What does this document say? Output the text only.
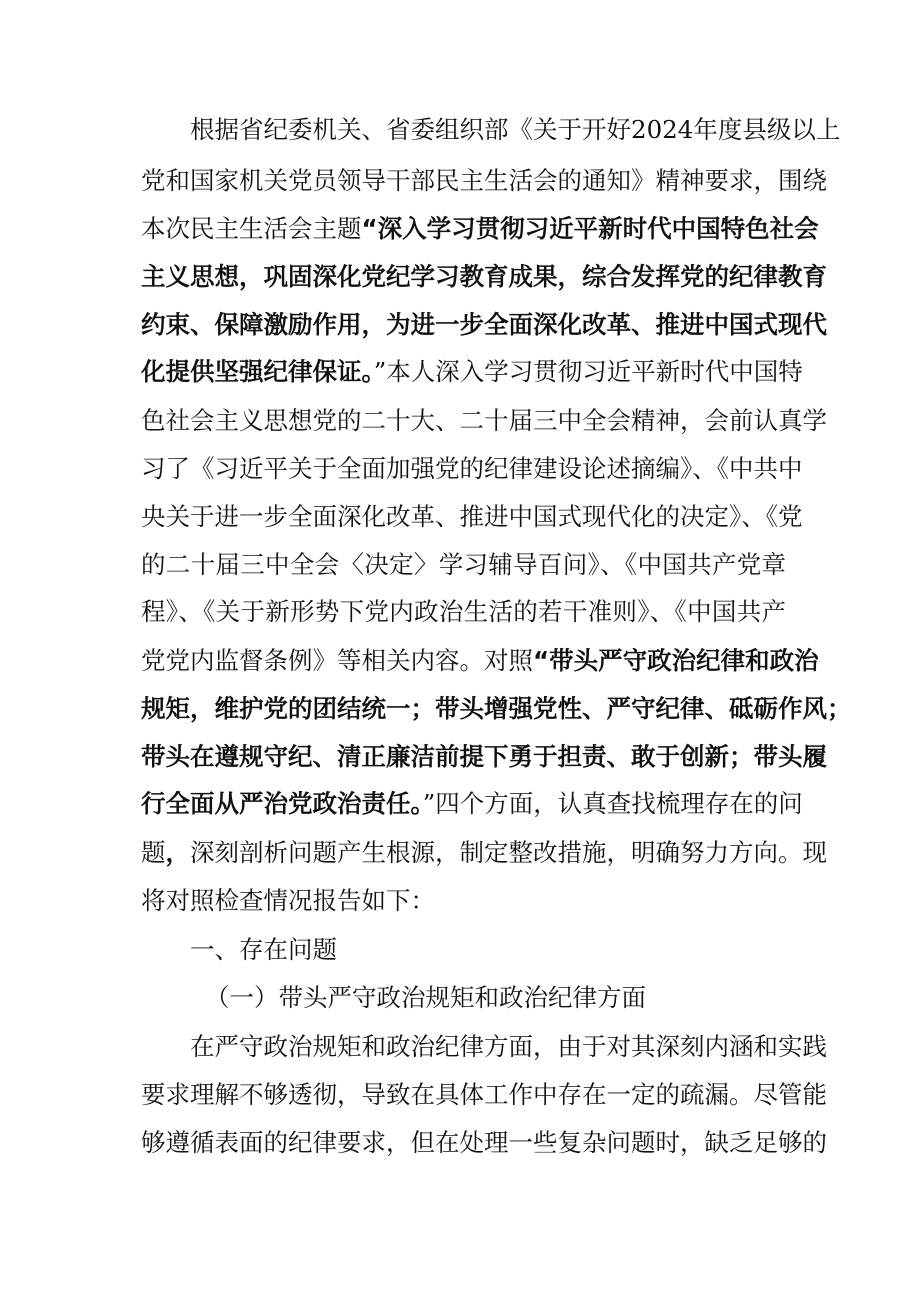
根据省纪委机关、省委组织部《关于开好2024年度县级以上
党和国家机关党员领导干部民主生活会的通知》精神要求，围绕
本次民主生活会主题“深入学习贯彻习近平新时代中国特色社会
主义思想，巩固深化党纪学习教育成果，综合发挥党的纪律教育
约束、保障激励作用，为进一步全面深化改革、推进中国式现代
化提供坚强纪律保证。”本人深入学习贯彻习近平新时代中国特
色社会主义思想党的二十大、二十届三中全会精神，会前认真学
习了《习近平关于全面加强党的纪律建设论述摘编》、《中共中
央关于进一步全面深化改革、推进中国式现代化的决定》、《党
的二十届三中全会〈决定〉学习辅导百问》、《中国共产党章
程》、《关于新形势下党内政治生活的若干准则》、《中国共产
党党内监督条例》等相关内容。对照“带头严守政治纪律和政治
规矩，维护党的团结统一；带头增强党性、严守纪律、砥砺作风；
带头在遵规守纪、清正廉洁前提下勇于担责、敢于创新；带头履
行全面从严治党政治责任。”四个方面，认真查找梳理存在的问
题，深刻剖析问题产生根源，制定整改措施，明确努力方向。现
将对照检查情况报告如下：
一、存在问题
（一）带头严守政治规矩和政治纪律方面
在严守政治规矩和政治纪律方面，由于对其深刻内涵和实践
要求理解不够透彻，导致在具体工作中存在一定的疏漏。尽管能
够遵循表面的纪律要求，但在处理一些复杂问题时，缺乏足够的
